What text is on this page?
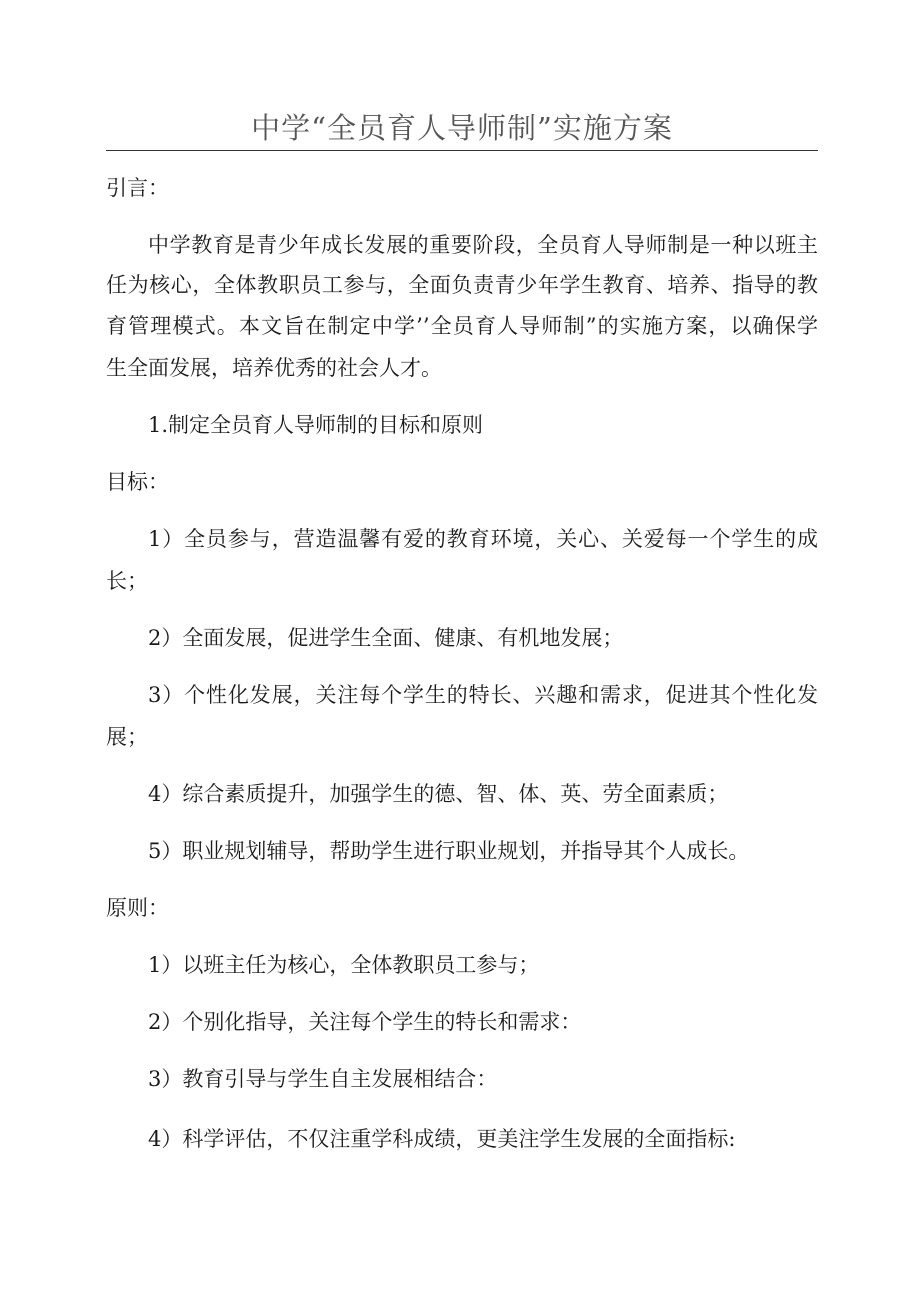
中学“全员育人导师制”实施方案

引言：

中学教育是青少年成长发展的重要阶段，全员育人导师制是一种以班主

任为核心，全体教职员工参与，全面负责青少年学生教育、培养、指导的教

育管理模式。本文旨在制定中学’’全员育人导师制”的实施方案，以确保学

生全面发展，培养优秀的社会人才。

1.制定全员育人导师制的目标和原则

目标：

1）全员参与，营造温馨有爱的教育环境，关心、关爱每一个学生的成

长；

2）全面发展，促进学生全面、健康、有机地发展；

3）个性化发展，关注每个学生的特长、兴趣和需求，促进其个性化发

展；

4）综合素质提升，加强学生的德、智、体、英、劳全面素质；

5）职业规划辅导，帮助学生进行职业规划，并指导其个人成长。

原则：

1）以班主任为核心，全体教职员工参与；

2）个别化指导，关注每个学生的特长和需求：

3）教育引导与学生自主发展相结合：

4）科学评估，不仅注重学科成绩，更美注学生发展的全面指标:
